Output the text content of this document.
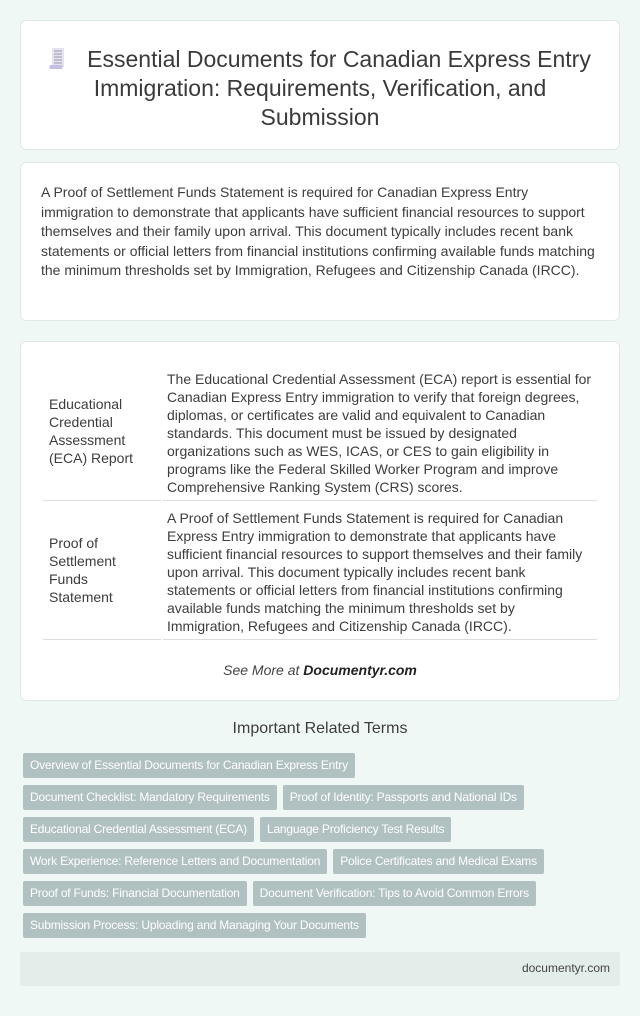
Essential Documents for Canadian Express Entry Immigration: Requirements, Verification, and Submission

A Proof of Settlement Funds Statement is required for Canadian Express Entry immigration to demonstrate that applicants have sufficient financial resources to support themselves and their family upon arrival. This document typically includes recent bank statements or official letters from financial institutions confirming available funds matching the minimum thresholds set by Immigration, Refugees and Citizenship Canada (IRCC).

Educational Credential Assessment (ECA) Report	The Educational Credential Assessment (ECA) report is essential for Canadian Express Entry immigration to verify that foreign degrees, diplomas, or certificates are valid and equivalent to Canadian standards. This document must be issued by designated organizations such as WES, ICAS, or CES to gain eligibility in programs like the Federal Skilled Worker Program and improve Comprehensive Ranking System (CRS) scores.
Proof of Settlement Funds Statement	A Proof of Settlement Funds Statement is required for Canadian Express Entry immigration to demonstrate that applicants have sufficient financial resources to support themselves and their family upon arrival. This document typically includes recent bank statements or official letters from financial institutions confirming available funds matching the minimum thresholds set by Immigration, Refugees and Citizenship Canada (IRCC).
See More at Documentyr.com
Important Related Terms
Overview of Essential Documents for Canadian Express Entry
Document Checklist: Mandatory Requirements	Proof of Identity: Passports and National IDs
Educational Credential Assessment (ECA)	Language Proficiency Test Results
Work Experience: Reference Letters and Documentation	Police Certificates and Medical Exams
Proof of Funds: Financial Documentation	Document Verification: Tips to Avoid Common Errors
Submission Process: Uploading and Managing Your Documents
documentyr.com
